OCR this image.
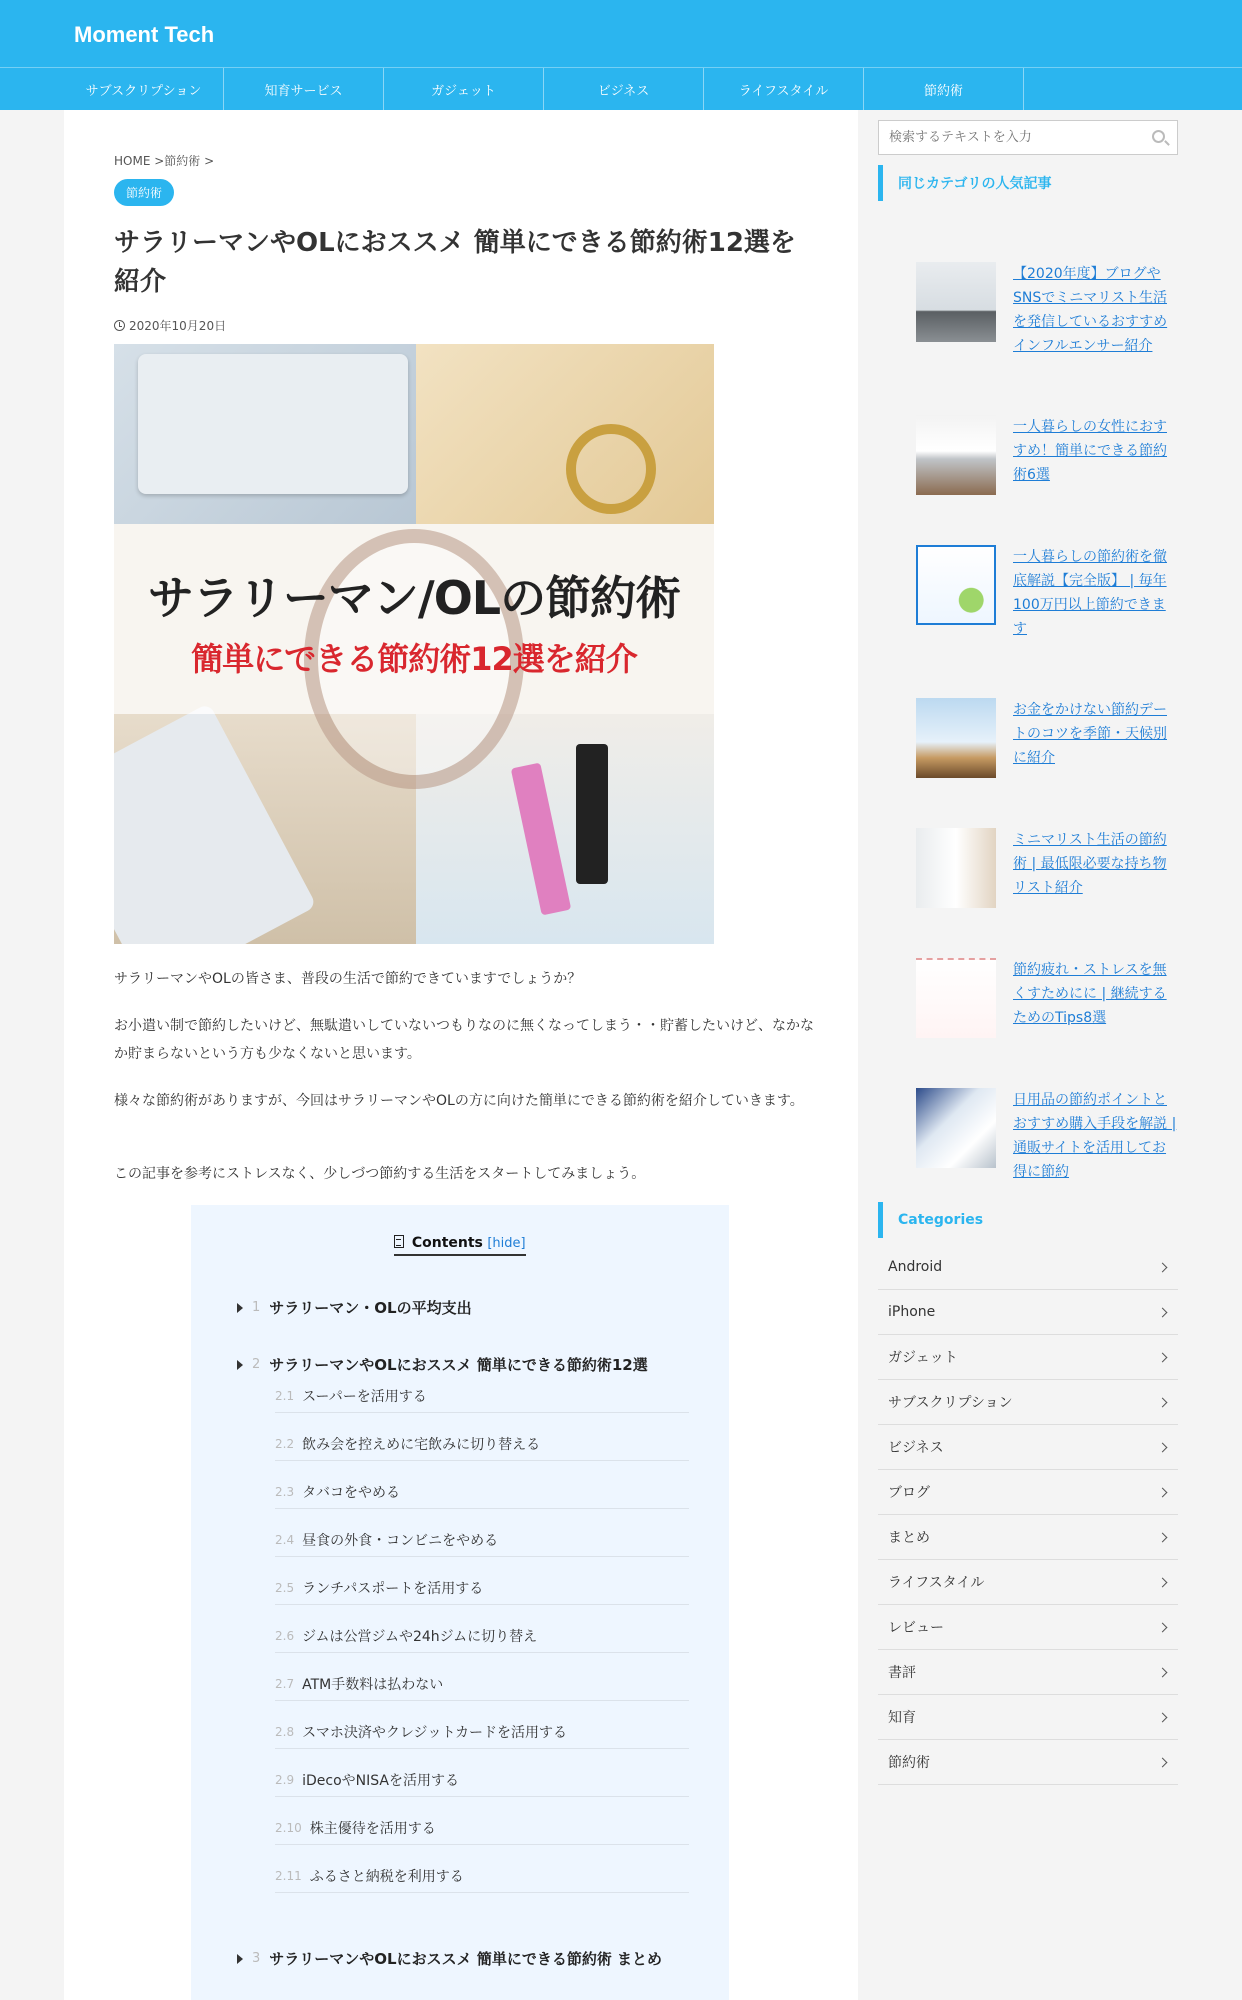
Moment Tech
サブスクリプション	知育サービス	ガジェット	ビジネス	ライフスタイル	節約術
HOME >節約術 >
節約術
サラリーマンやOLにおススメ 簡単にできる節約術12選を紹介
2020年10月20日
サラリーマン/OLの節約術
簡単にできる節約術12選を紹介

サラリーマンやOLの皆さま、普段の生活で節約できていますでしょうか？

お小遣い制で節約したいけど、無駄遣いしていないつもりなのに無くなってしまう・・貯蓄したいけど、なかなか貯まらないという方も少なくないと思います。

様々な節約術がありますが、今回はサラリーマンやOLの方に向けた簡単にできる節約術を紹介していきます。

この記事を参考にストレスなく、少しづつ節約する生活をスタートしてみましょう。

Contents [hide]
1 サラリーマン・OLの平均支出
2 サラリーマンやOLにおススメ 簡単にできる節約術12選
2.1 スーパーを活用する
2.2 飲み会を控えめに宅飲みに切り替える
2.3 タバコをやめる
2.4 昼食の外食・コンビニをやめる
2.5 ランチパスポートを活用する
2.6 ジムは公営ジムや24hジムに切り替え
2.7 ATM手数料は払わない
2.8 スマホ決済やクレジットカードを活用する
2.9 iDecoやNISAを活用する
2.10 株主優待を活用する
2.11 ふるさと納税を利用する
3 サラリーマンやOLにおススメ 簡単にできる節約術 まとめ
検索するテキストを入力
同じカテゴリの人気記事
【2020年度】ブログやSNSでミニマリスト生活を発信しているおすすめインフルエンサー紹介
一人暮らしの女性におすすめ！簡単にできる節約術6選
一人暮らしの節約術を徹底解説【完全版】 | 毎年100万円以上節約できます
お金をかけない節約デートのコツを季節・天候別に紹介
ミニマリスト生活の節約術 | 最低限必要な持ち物リスト紹介
節約疲れ・ストレスを無くすためにに | 継続するためのTips8選
日用品の節約ポイントとおすすめ購入手段を解説 | 通販サイトを活用してお得に節約
Categories
Android
iPhone
ガジェット
サブスクリプション
ビジネス
ブログ
まとめ
ライフスタイル
レビュー
書評
知育
節約術
